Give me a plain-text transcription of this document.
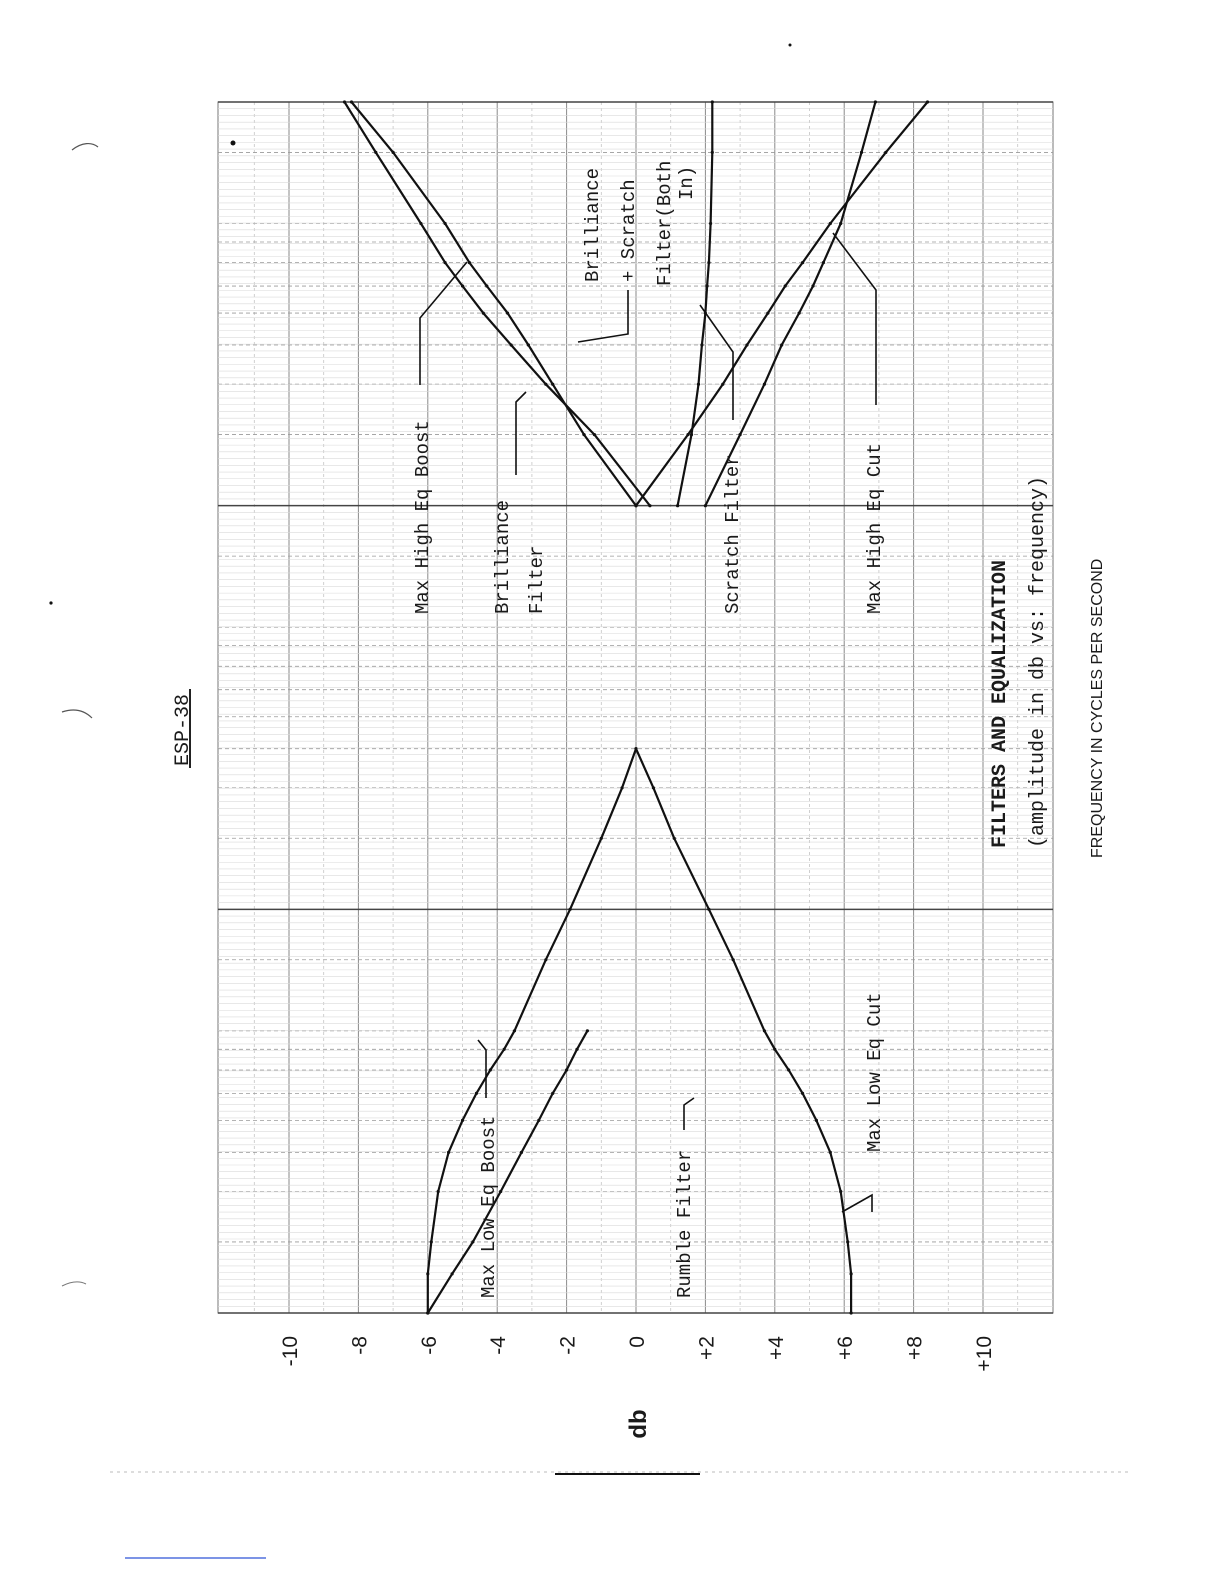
Max Low Eq Boost
Max Low Eq Cut
Rumble Filter
Max High Eq Boost	Brilliance Filter
Brilliance + Scratch Filter(Both In)
Scratch Filter	Max High Eq Cut
FILTERS AND EQUALIZATION (amplitude in db vs: frequency) FREQUENCY IN CYCLES PER SECOND
ESP-38
db
+10
+8
+6
+4
+2
0
-2
-4
-6
-8
-10
